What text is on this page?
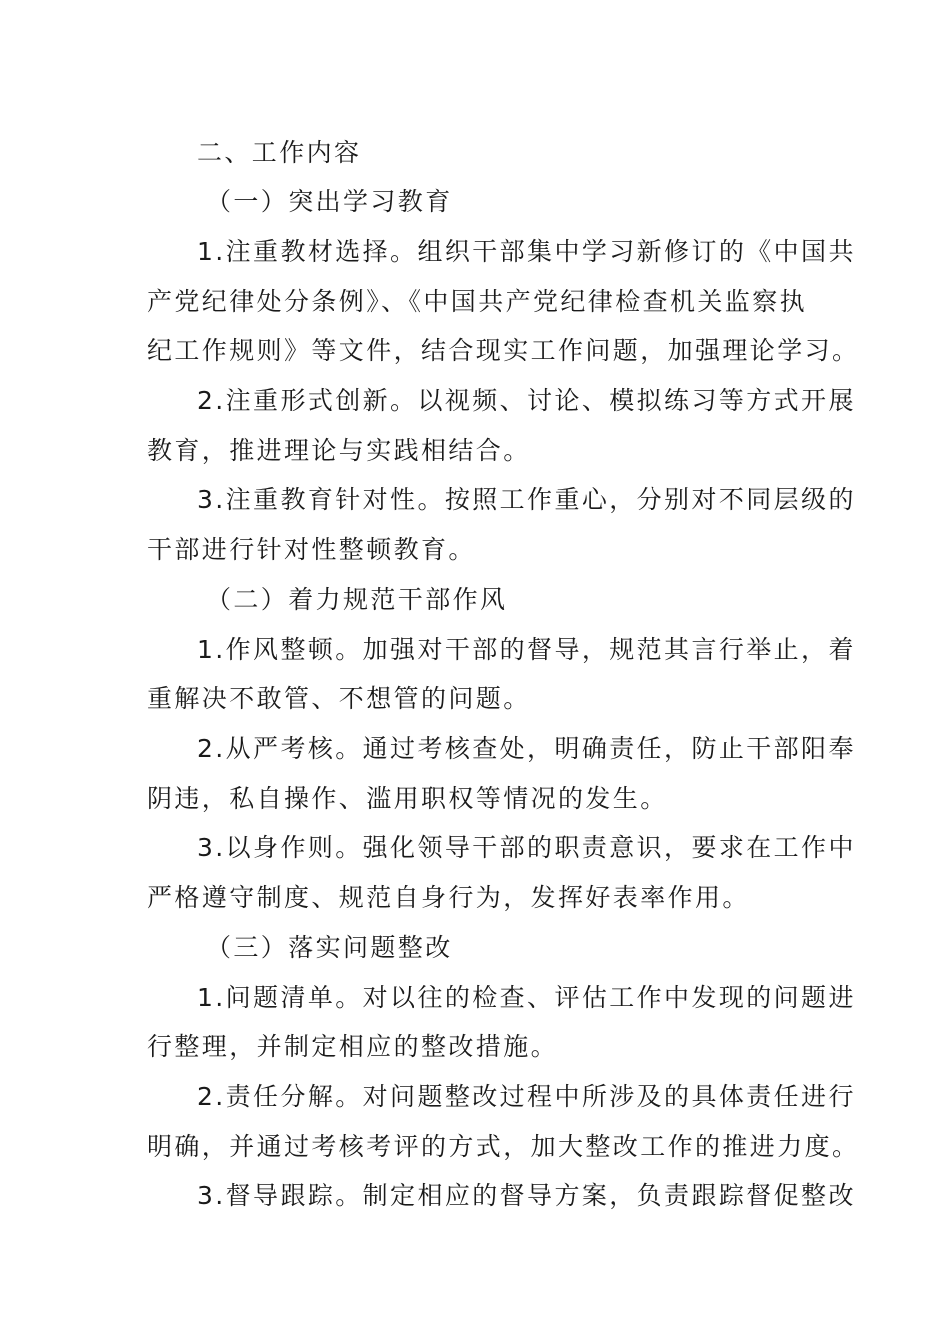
二、工作内容
（一）突出学习教育
1.注重教材选择。组织干部集中学习新修订的《中国共
产党纪律处分条例》、《中国共产党纪律检查机关监察执
纪工作规则》等文件，结合现实工作问题，加强理论学习。
2.注重形式创新。以视频、讨论、模拟练习等方式开展
教育，推进理论与实践相结合。
3.注重教育针对性。按照工作重心，分别对不同层级的
干部进行针对性整顿教育。
（二）着力规范干部作风
1.作风整顿。加强对干部的督导，规范其言行举止，着
重解决不敢管、不想管的问题。
2.从严考核。通过考核查处，明确责任，防止干部阳奉
阴违，私自操作、滥用职权等情况的发生。
3.以身作则。强化领导干部的职责意识，要求在工作中
严格遵守制度、规范自身行为，发挥好表率作用。
（三）落实问题整改
1.问题清单。对以往的检查、评估工作中发现的问题进
行整理，并制定相应的整改措施。
2.责任分解。对问题整改过程中所涉及的具体责任进行
明确，并通过考核考评的方式，加大整改工作的推进力度。
3.督导跟踪。制定相应的督导方案，负责跟踪督促整改
